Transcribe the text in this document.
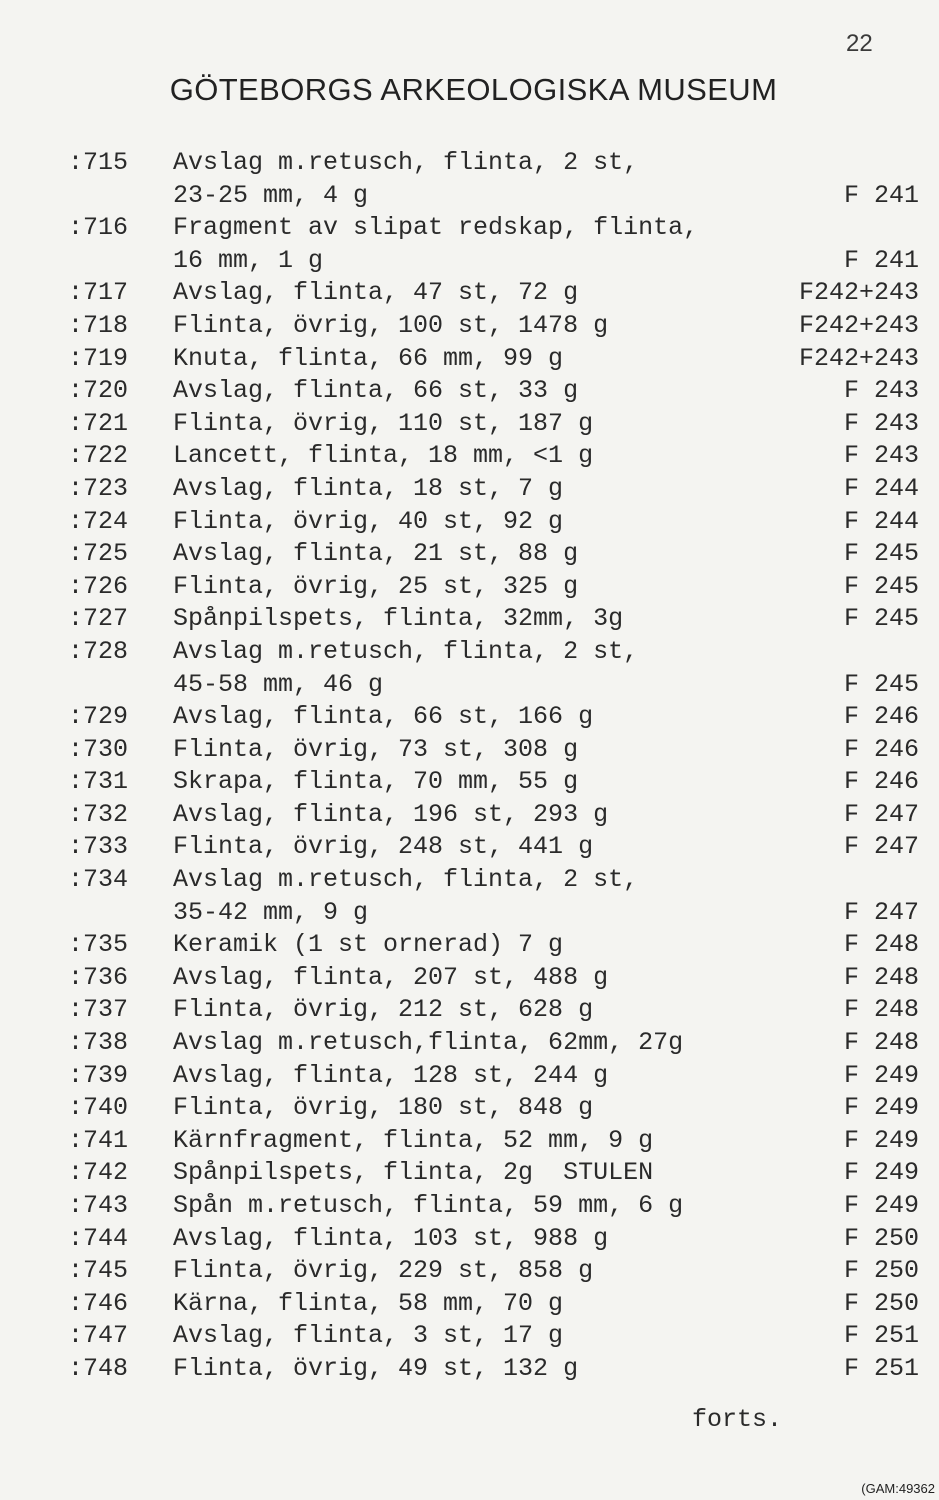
22
GÖTEBORGS ARKEOLOGISKA MUSEUM
:715 Avslag m.retusch, flinta, 2 st,
23-25 mm, 4 g	F 241
:716 Fragment av slipat redskap, flinta,
16 mm, 1 g	F 241
:717 Avslag, flinta, 47 st, 72 g	F242+243
:718 Flinta, övrig, 100 st, 1478 g	F242+243
:719 Knuta, flinta, 66 mm, 99 g	F242+243
:720 Avslag, flinta, 66 st, 33 g	F 243
:721 Flinta, övrig, 110 st, 187 g	F 243
:722 Lancett, flinta, 18 mm, <1 g	F 243
:723 Avslag, flinta, 18 st, 7 g	F 244
:724 Flinta, övrig, 40 st, 92 g	F 244
:725 Avslag, flinta, 21 st, 88 g	F 245
:726 Flinta, övrig, 25 st, 325 g	F 245
:727 Spånpilspets, flinta, 32mm, 3g	F 245
:728 Avslag m.retusch, flinta, 2 st,
45-58 mm, 46 g	F 245
:729 Avslag, flinta, 66 st, 166 g	F 246
:730 Flinta, övrig, 73 st, 308 g	F 246
:731 Skrapa, flinta, 70 mm, 55 g	F 246
:732 Avslag, flinta, 196 st, 293 g	F 247
:733 Flinta, övrig, 248 st, 441 g	F 247
:734 Avslag m.retusch, flinta, 2 st,
35-42 mm, 9 g	F 247
:735 Keramik (1 st ornerad) 7 g	F 248
:736 Avslag, flinta, 207 st, 488 g	F 248
:737 Flinta, övrig, 212 st, 628 g	F 248
:738 Avslag m.retusch,flinta, 62mm, 27g	F 248
:739 Avslag, flinta, 128 st, 244 g	F 249
:740 Flinta, övrig, 180 st, 848 g	F 249
:741 Kärnfragment, flinta, 52 mm, 9 g	F 249
:742 Spånpilspets, flinta, 2g  STULEN	F 249
:743 Spån m.retusch, flinta, 59 mm, 6 g	F 249
:744 Avslag, flinta, 103 st, 988 g	F 250
:745 Flinta, övrig, 229 st, 858 g	F 250
:746 Kärna, flinta, 58 mm, 70 g	F 250
:747 Avslag, flinta, 3 st, 17 g	F 251
:748 Flinta, övrig, 49 st, 132 g	F 251
forts.
(GAM:49362
